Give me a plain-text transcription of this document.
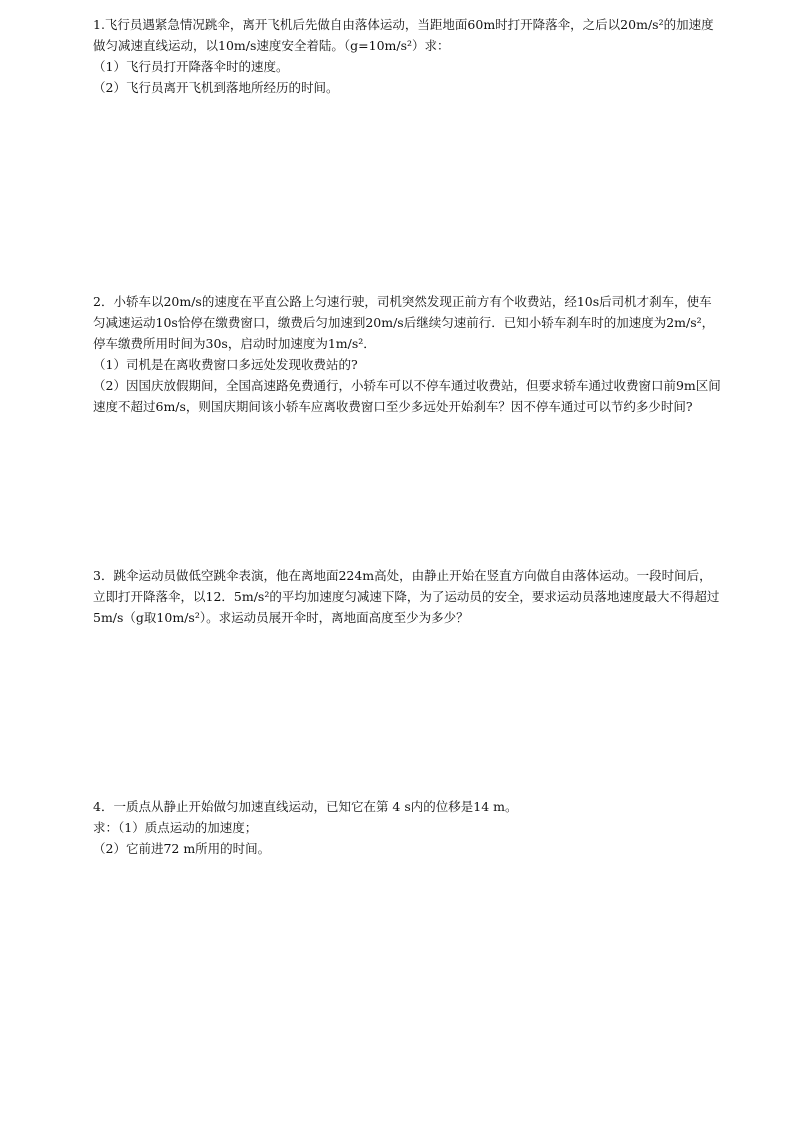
1.飞行员遇紧急情况跳伞，离开飞机后先做自由落体运动，当距地面60m时打开降落伞，之后以20m/s²的加速度做匀减速直线运动，以10m/s速度安全着陆。（g=10m/s²）求：

（1）飞行员打开降落伞时的速度。

（2）飞行员离开飞机到落地所经历的时间。

2．小轿车以20m/s的速度在平直公路上匀速行驶，司机突然发现正前方有个收费站，经10s后司机才刹车，使车匀减速运动10s恰停在缴费窗口，缴费后匀加速到20m/s后继续匀速前行．已知小轿车刹车时的加速度为2m/s²，停车缴费所用时间为30s，启动时加速度为1m/s²．

（1）司机是在离收费窗口多远处发现收费站的?

（2）因国庆放假期间，全国高速路免费通行，小轿车可以不停车通过收费站，但要求轿车通过收费窗口前9m区间速度不超过6m/s，则国庆期间该小轿车应离收费窗口至少多远处开始刹车？因不停车通过可以节约多少时间?

3．跳伞运动员做低空跳伞表演，他在离地面224m高处，由静止开始在竖直方向做自由落体运动。一段时间后，立即打开降落伞，以12．5m/s²的平均加速度匀减速下降，为了运动员的安全，要求运动员落地速度最大不得超过5m/s（g取10m/s²）。求运动员展开伞时，离地面高度至少为多少？

4．一质点从静止开始做匀加速直线运动，已知它在第 4 s内的位移是14 m。

求：（1）质点运动的加速度；

（2）它前进72 m所用的时间。
